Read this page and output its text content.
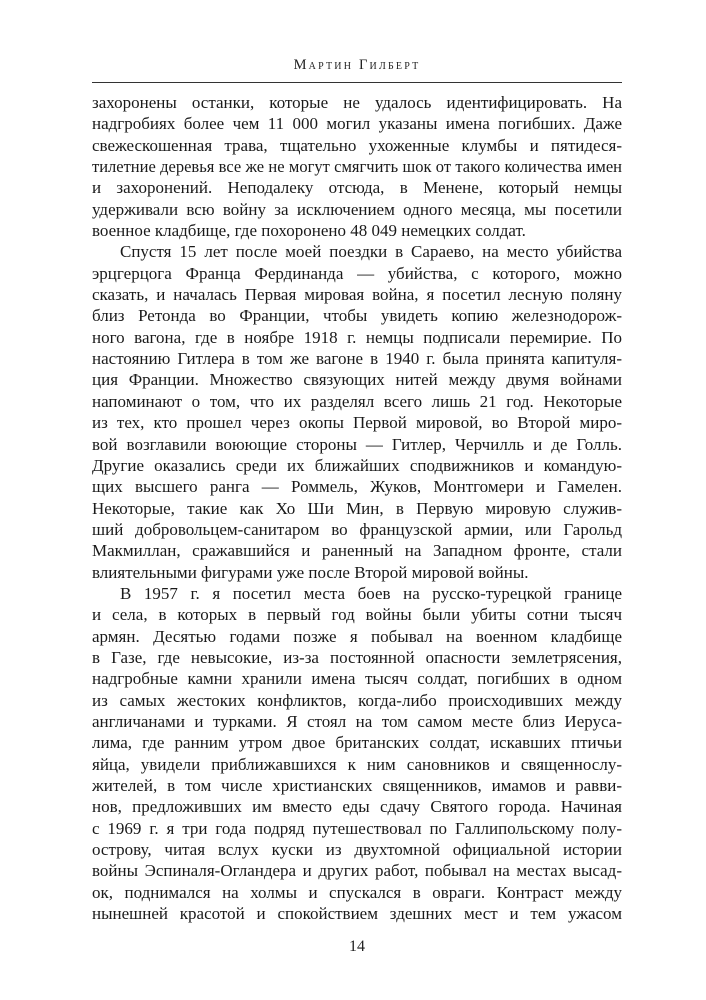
Мартин Гилберт
захоронены останки, которые не удалось идентифицировать. На
надгробиях более чем 11 000 могил указаны имена погибших. Даже
свежескошенная трава, тщательно ухоженные клумбы и пятидеся-
тилетние деревья все же не могут смягчить шок от такого количества имен
и захоронений. Неподалеку отсюда, в Менене, который немцы
удерживали всю войну за исключением одного месяца, мы посетили
военное кладбище, где похоронено 48 049 немецких солдат.
Спустя 15 лет после моей поездки в Сараево, на место убийства
эрцгерцога Франца Фердинанда — убийства, с которого, можно
сказать, и началась Первая мировая война, я посетил лесную поляну
близ Ретонда во Франции, чтобы увидеть копию железнодорож-
ного вагона, где в ноябре 1918 г. немцы подписали перемирие. По
настоянию Гитлера в том же вагоне в 1940 г. была принята капитуля-
ция Франции. Множество связующих нитей между двумя войнами
напоминают о том, что их разделял всего лишь 21 год. Некоторые
из тех, кто прошел через окопы Первой мировой, во Второй миро-
вой возглавили воюющие стороны — Гитлер, Черчилль и де Голль.
Другие оказались среди их ближайших сподвижников и командую-
щих высшего ранга — Роммель, Жуков, Монтгомери и Гамелен.
Некоторые, такие как Хо Ши Мин, в Первую мировую служив-
ший добровольцем-санитаром во французской армии, или Гарольд
Макмиллан, сражавшийся и раненный на Западном фронте, стали
влиятельными фигурами уже после Второй мировой войны.
В 1957 г. я посетил места боев на русско-турецкой границе
и села, в которых в первый год войны были убиты сотни тысяч
армян. Десятью годами позже я побывал на военном кладбище
в Газе, где невысокие, из-за постоянной опасности землетрясения,
надгробные камни хранили имена тысяч солдат, погибших в одном
из самых жестоких конфликтов, когда-либо происходивших между
англичанами и турками. Я стоял на том самом месте близ Иеруса-
лима, где ранним утром двое британских солдат, искавших птичьи
яйца, увидели приближавшихся к ним сановников и священнослу-
жителей, в том числе христианских священников, имамов и равви-
нов, предложивших им вместо еды сдачу Святого города. Начиная
с 1969 г. я три года подряд путешествовал по Галлипольскому полу-
острову, читая вслух куски из двухтомной официальной истории
войны Эспиналя-Огландера и других работ, побывал на местах высад-
ок, поднимался на холмы и спускался в овраги. Контраст между
нынешней красотой и спокойствием здешних мест и тем ужасом
14
